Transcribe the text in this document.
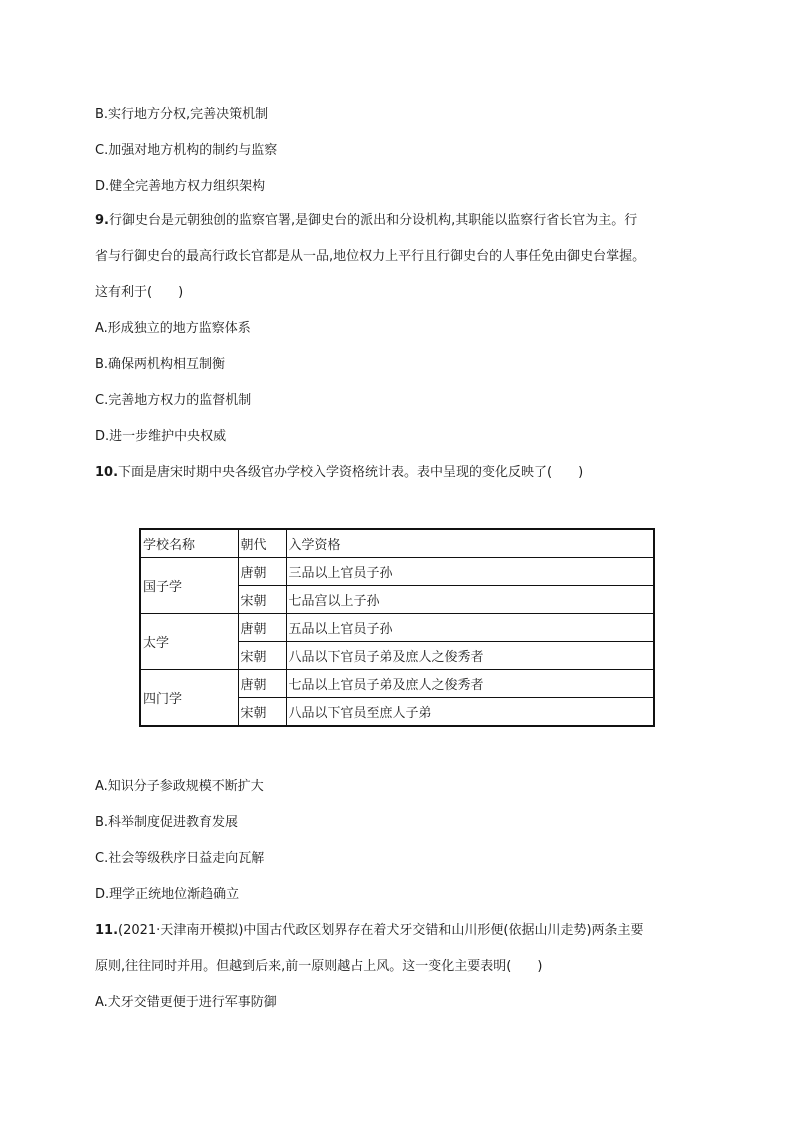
B.实行地方分权,完善决策机制
C.加强对地方机构的制约与监察
D.健全完善地方权力组织架构
9.行御史台是元朝独创的监察官署,是御史台的派出和分设机构,其职能以监察行省长官为主。行
省与行御史台的最高行政长官都是从一品,地位权力上平行且行御史台的人事任免由御史台掌握。
这有利于(　　)
A.形成独立的地方监察体系
B.确保两机构相互制衡
C.完善地方权力的监督机制
D.进一步维护中央权威
10.下面是唐宋时期中央各级官办学校入学资格统计表。表中呈现的变化反映了(　　)
学校名称	朝代	入学资格
国子学	唐朝	三品以上官员子孙
	宋朝	七品宫以上子孙
太学	唐朝	五品以上官员子孙
	宋朝	八品以下官员子弟及庶人之俊秀者
四门学	唐朝	七品以上官员子弟及庶人之俊秀者
	宋朝	八品以下官员至庶人子弟
A.知识分子参政规模不断扩大
B.科举制度促进教育发展
C.社会等级秩序日益走向瓦解
D.理学正统地位渐趋确立
11.(2021·天津南开模拟)中国古代政区划界存在着犬牙交错和山川形便(依据山川走势)两条主要
原则,往往同时并用。但越到后来,前一原则越占上风。这一变化主要表明(　　)
A.犬牙交错更便于进行军事防御
